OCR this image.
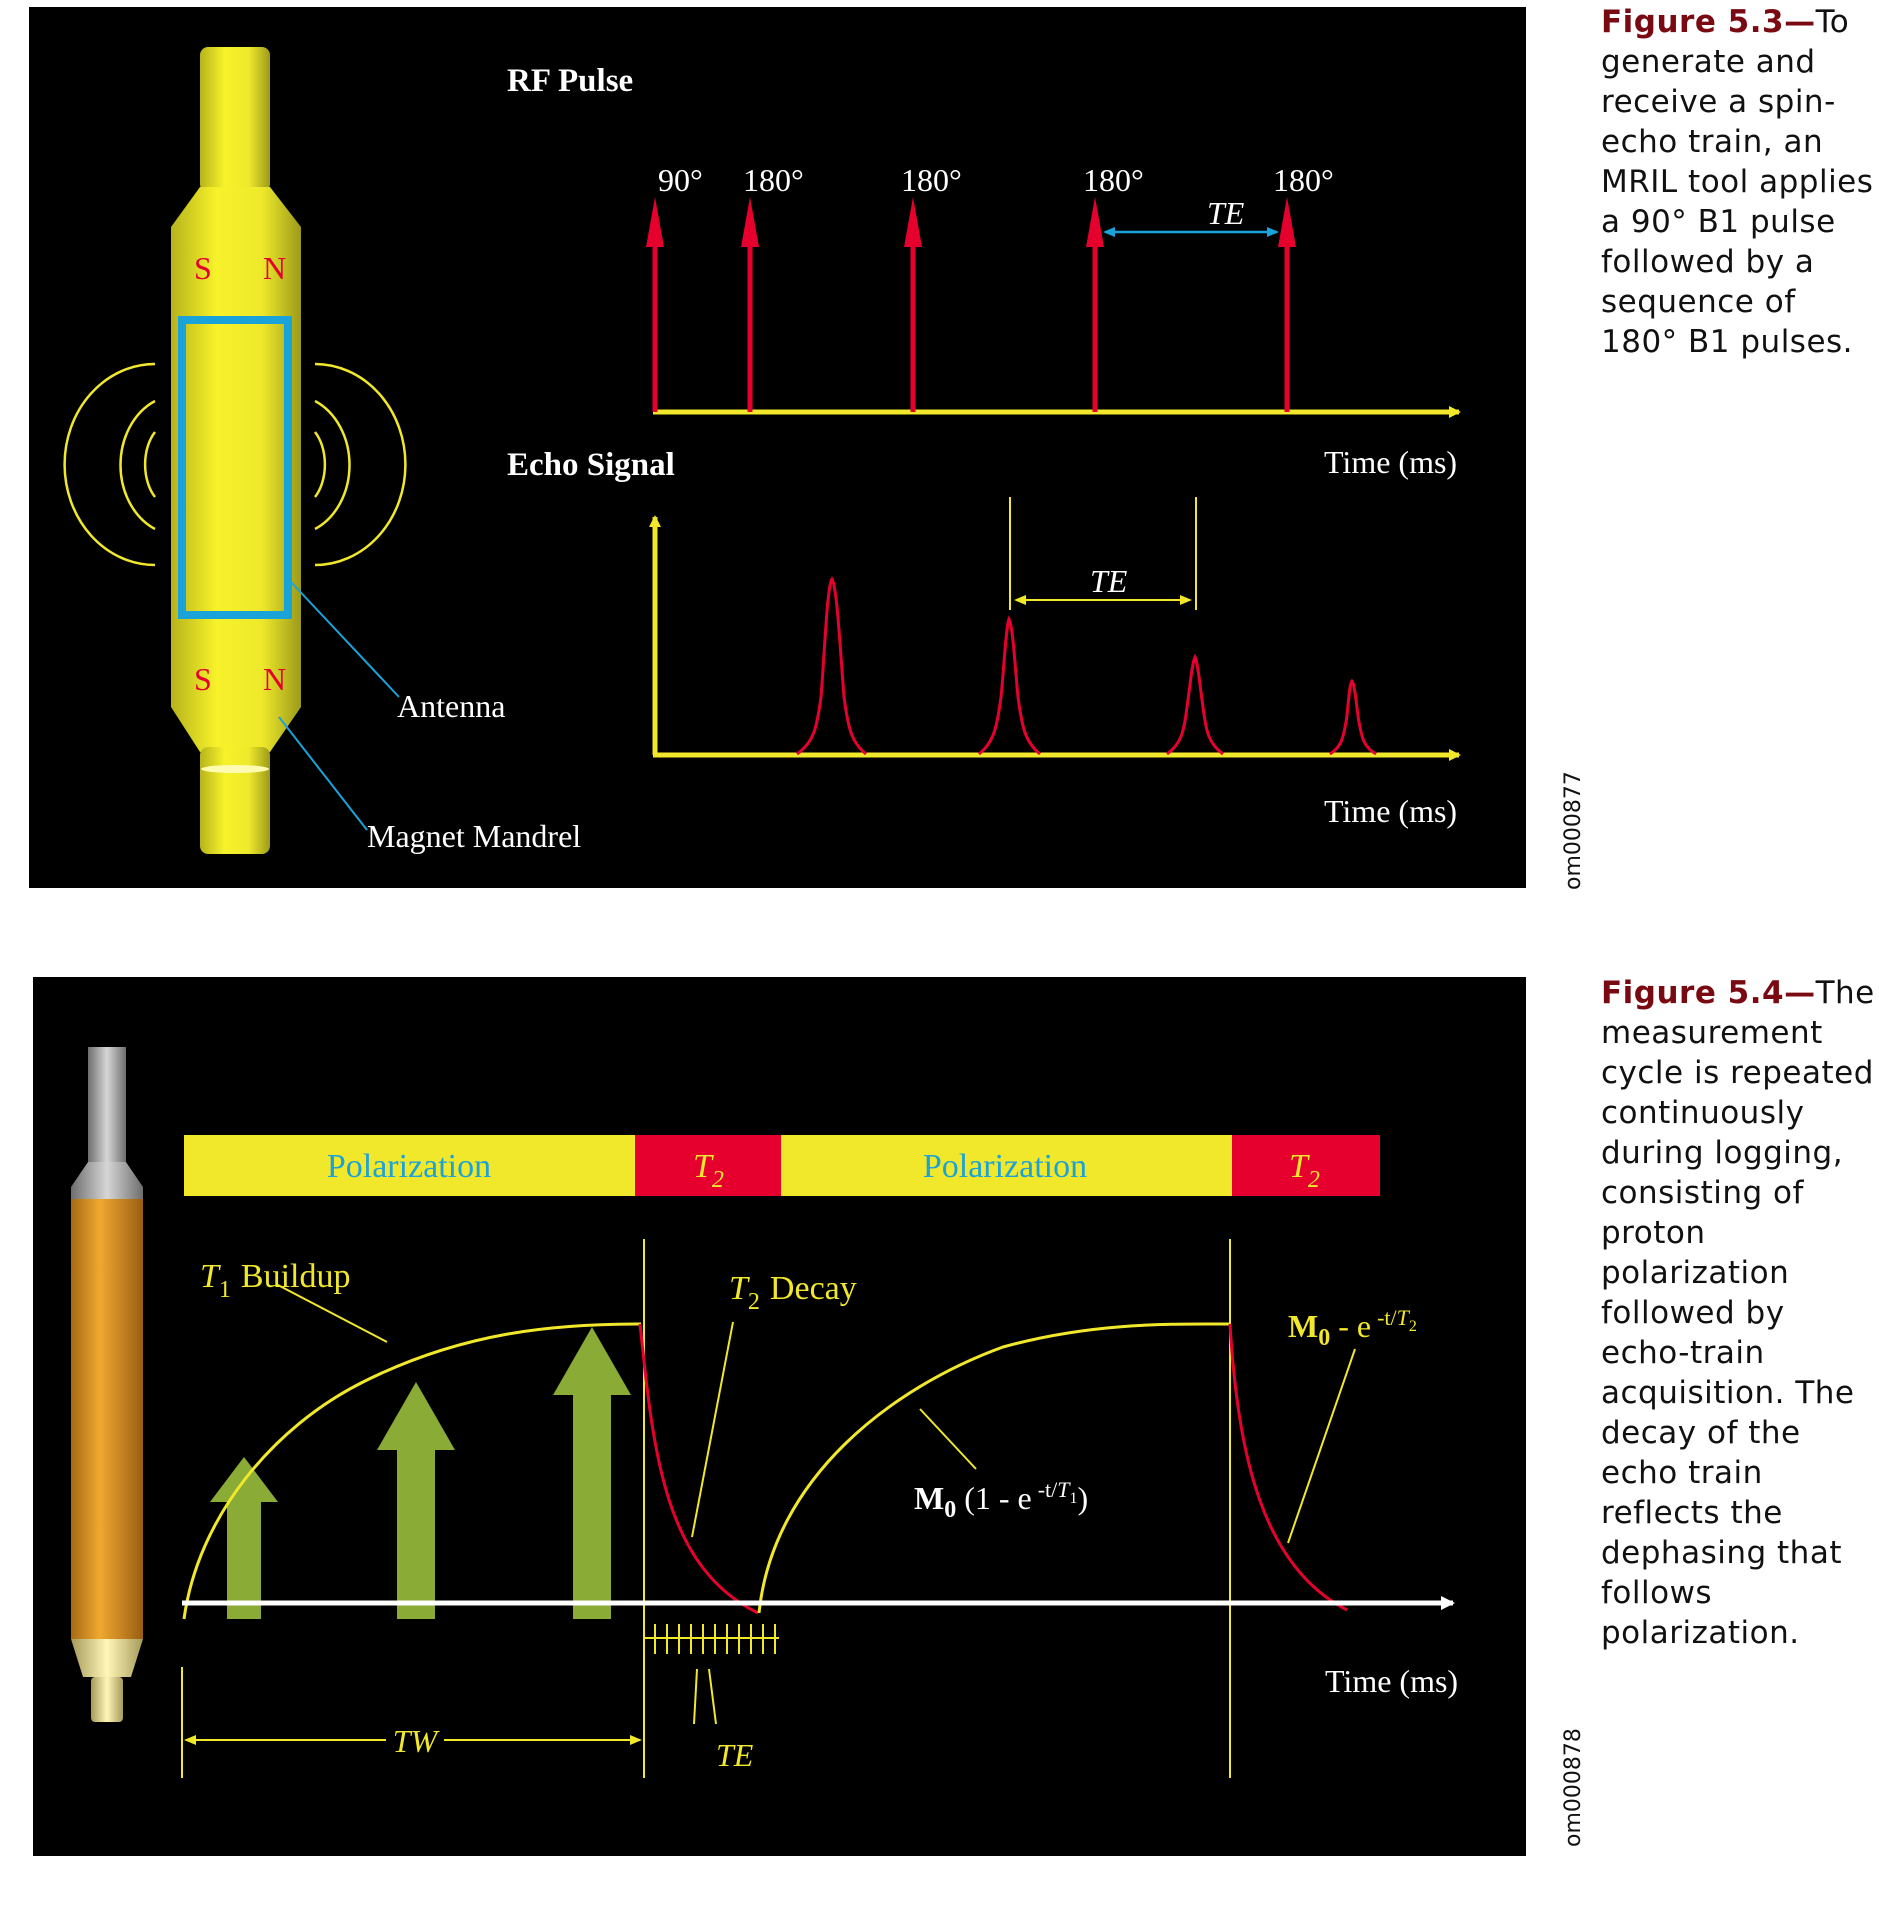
S N
S N
Antenna
Magnet Mandrel
RF Pulse
90° 180°	180°	180°	180°
TE
Time (ms)
Echo Signal
TE
Time (ms)	om000877
Figure 5.3—To generate and receive a spin-echo train, an MRIL tool applies a 90° B1 pulse followed by a sequence of 180° B1 pulses.
Polarization	Polarization
$T_2$	$T_2$
$T_1$ Buildup	$T_2$ Decay
$M_0$ (1 - e $^{-t/}$T1)
$M_0$ - e $^{-t/}$T2
Time (ms)
TE
TW	om000878
Figure 5.4—The measurement cycle is repeated continuously during logging, consisting of proton polarization followed by echo-train acquisition. The decay of the echo train reflects the dephasing that follows polarization.
